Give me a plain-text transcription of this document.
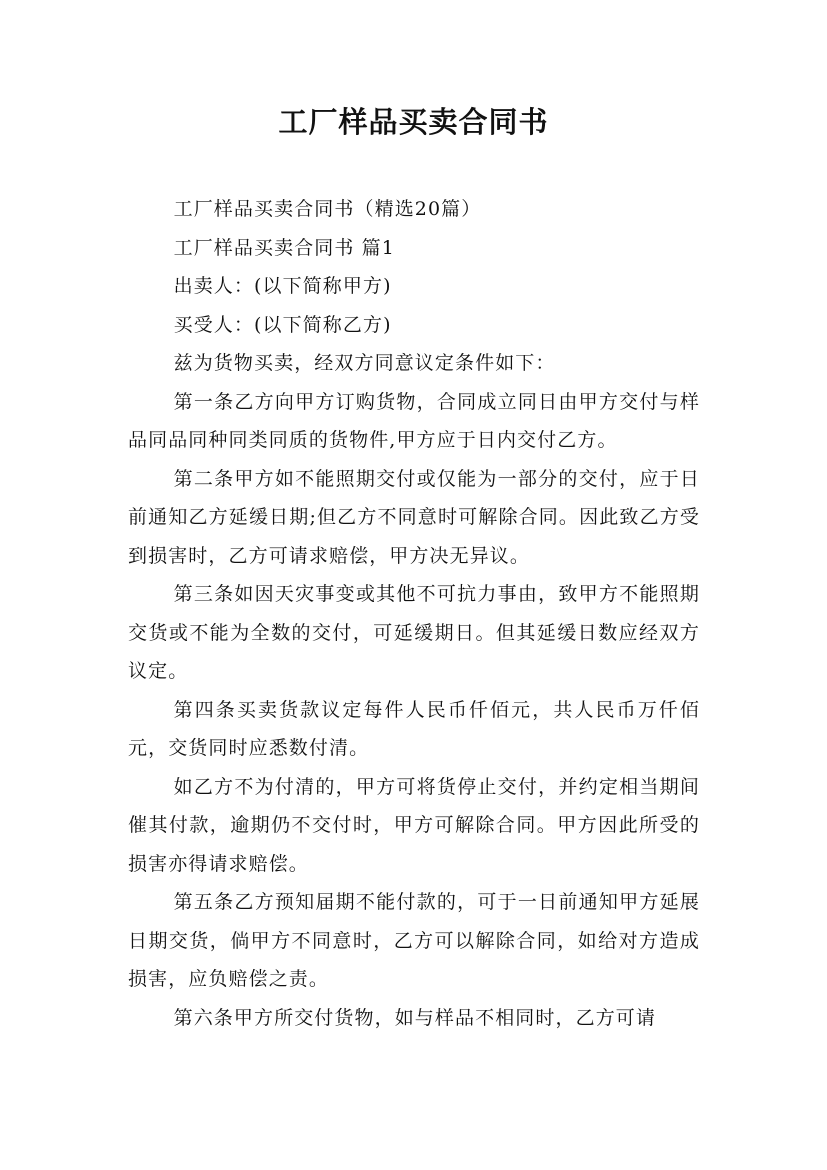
工厂样品买卖合同书

工厂样品买卖合同书（精选20篇）

工厂样品买卖合同书 篇1

出卖人：(以下简称甲方)

买受人：(以下简称乙方)

兹为货物买卖，经双方同意议定条件如下：

第一条乙方向甲方订购货物，合同成立同日由甲方交付与样品同品同种同类同质的货物件,甲方应于日内交付乙方。

第二条甲方如不能照期交付或仅能为一部分的交付，应于日前通知乙方延缓日期;但乙方不同意时可解除合同。因此致乙方受到损害时，乙方可请求赔偿，甲方决无异议。

第三条如因天灾事变或其他不可抗力事由，致甲方不能照期交货或不能为全数的交付，可延缓期日。但其延缓日数应经双方议定。

第四条买卖货款议定每件人民币仟佰元，共人民币万仟佰元，交货同时应悉数付清。

如乙方不为付清的，甲方可将货停止交付，并约定相当期间催其付款，逾期仍不交付时，甲方可解除合同。甲方因此所受的损害亦得请求赔偿。

第五条乙方预知届期不能付款的，可于一日前通知甲方延展日期交货，倘甲方不同意时，乙方可以解除合同，如给对方造成损害，应负赔偿之责。

第六条甲方所交付货物，如与样品不相同时，乙方可请
